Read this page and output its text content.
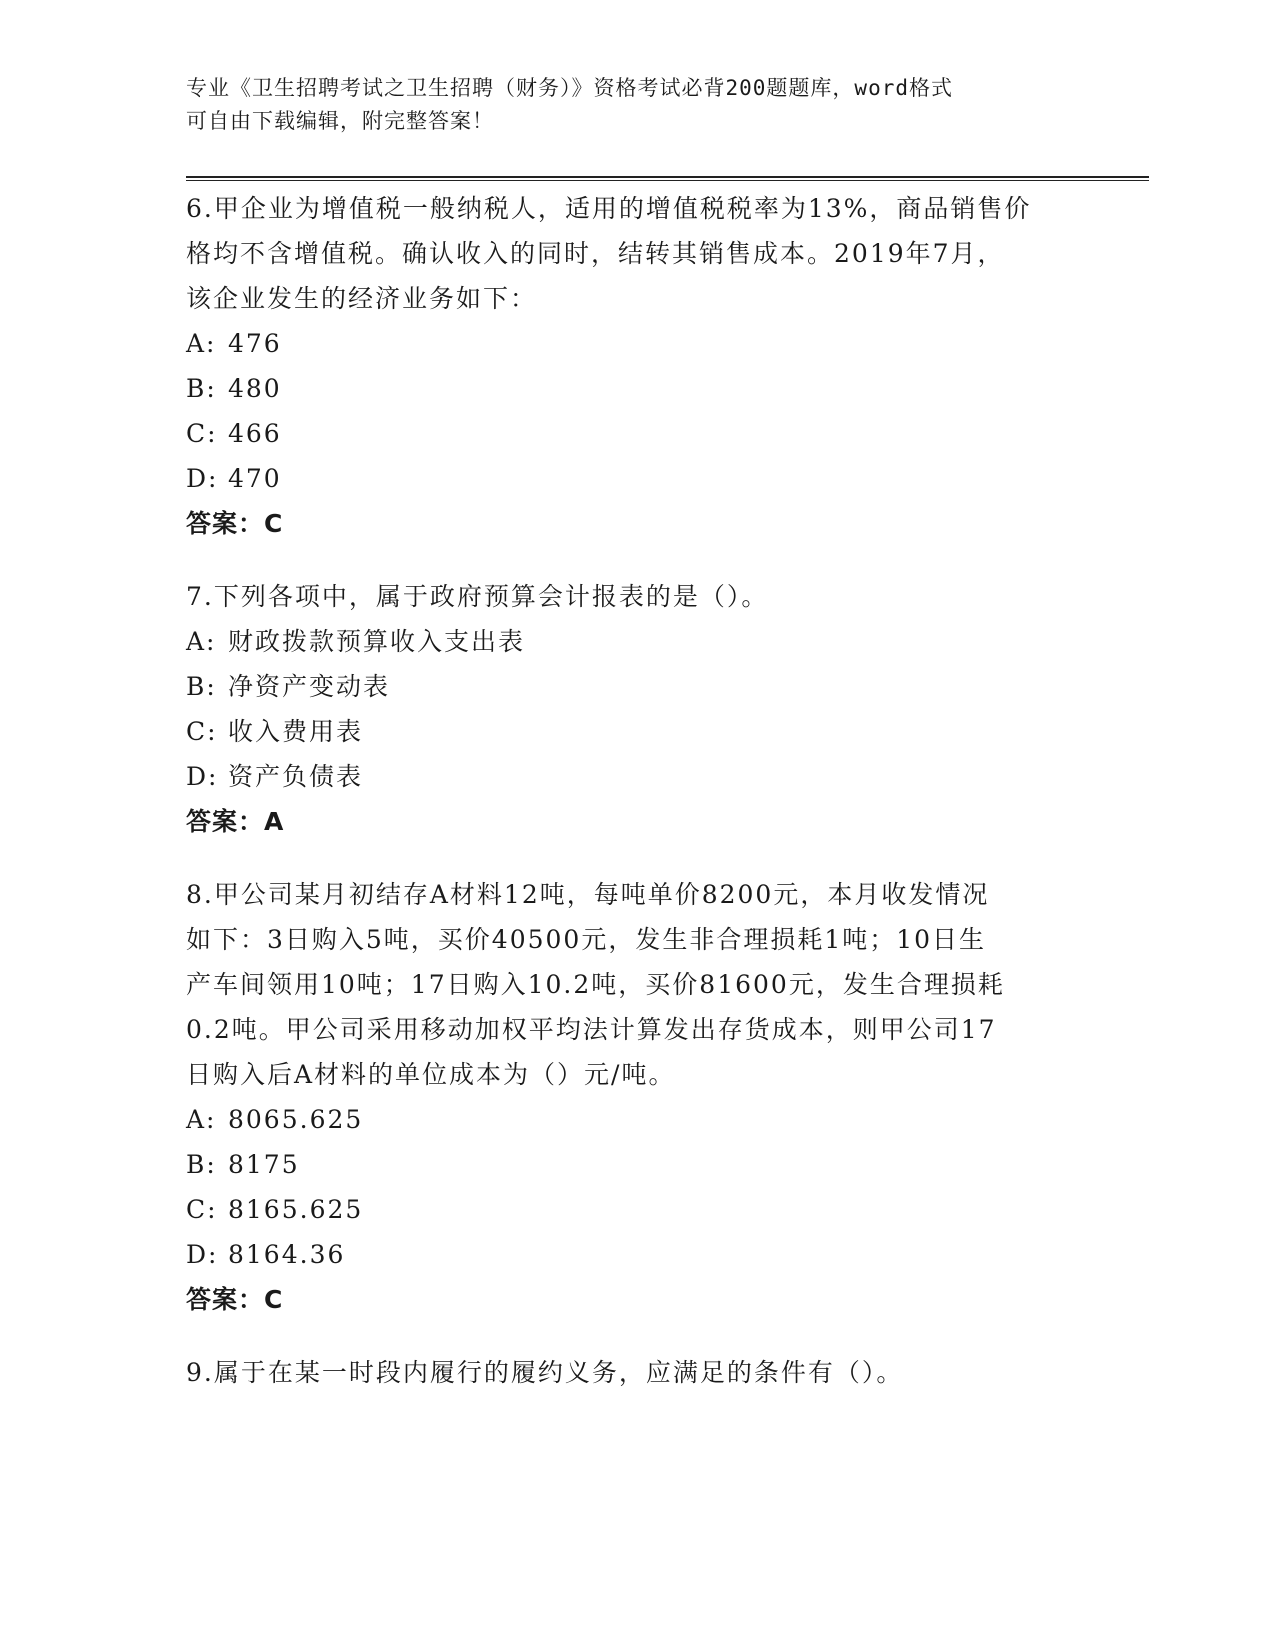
专业《卫生招聘考试之卫生招聘（财务）》资格考试必背200题题库，word格式
可自由下载编辑，附完整答案！
6.甲企业为增值税一般纳税人，适用的增值税税率为13%，商品销售价
格均不含增值税。确认收入的同时，结转其销售成本。2019年7月，
该企业发生的经济业务如下：
A: 476
B: 480
C: 466
D: 470
答案：C
7.下列各项中，属于政府预算会计报表的是（）。
A: 财政拨款预算收入支出表
B: 净资产变动表
C: 收入费用表
D: 资产负债表
答案：A
8.甲公司某月初结存A材料12吨，每吨单价8200元，本月收发情况
如下：3日购入5吨，买价40500元，发生非合理损耗1吨；10日生
产车间领用10吨；17日购入10.2吨，买价81600元，发生合理损耗
0.2吨。甲公司采用移动加权平均法计算发出存货成本，则甲公司17
日购入后A材料的单位成本为（）元/吨。
A: 8065.625
B: 8175
C: 8165.625
D: 8164.36
答案：C
9.属于在某一时段内履行的履约义务，应满足的条件有（）。
